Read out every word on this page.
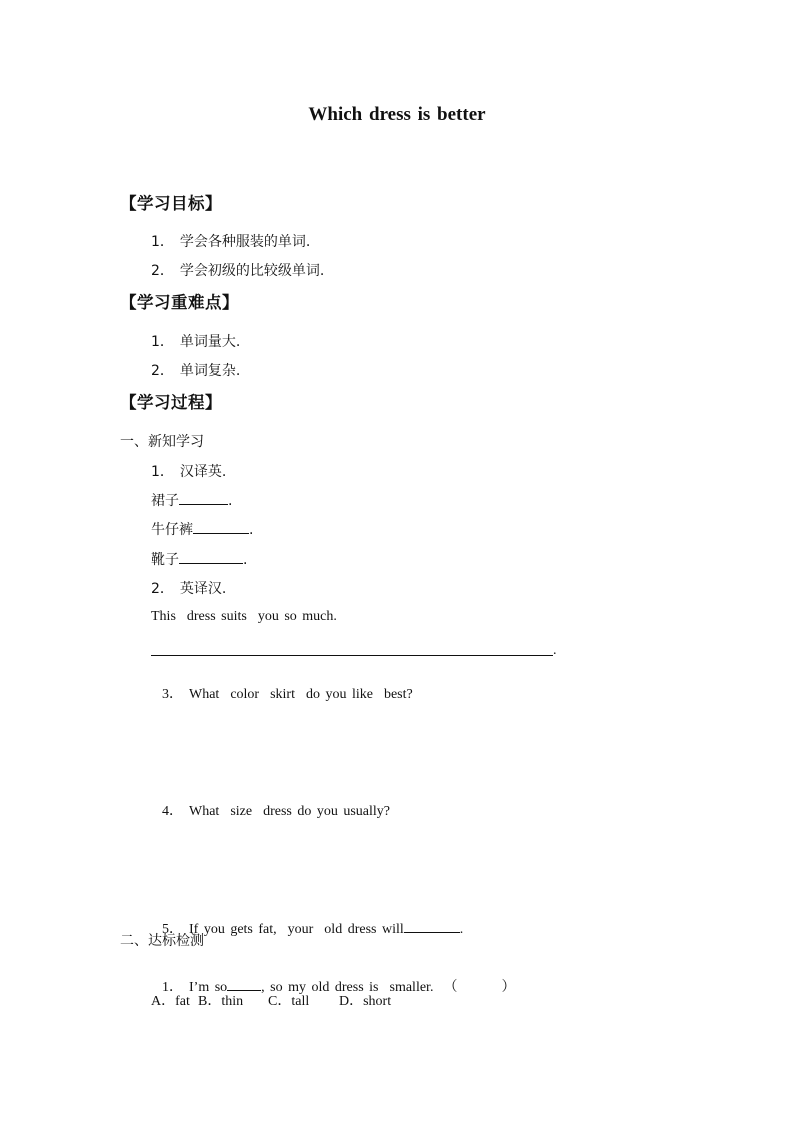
Which dress is better
【学习目标】
1． 学会各种服装的单词.
2． 学会初级的比较级单词.
【学习重难点】
1． 单词量大.
2． 单词复杂.
【学习过程】
一、新知学习
1． 汉译英.
裙子	.
牛仔裤	.
靴子	.
2． 英译汉.
This  dress suits  you so much.
.

3． What  color  skirt  do you like  best?

4． What  size  dress do you usually?

5． If you gets fat,  your  old dress will	.

二、达标检测

1． I’m so , so my old dress is  smaller. （        ）

A．fat B．thin C．tall D．short
